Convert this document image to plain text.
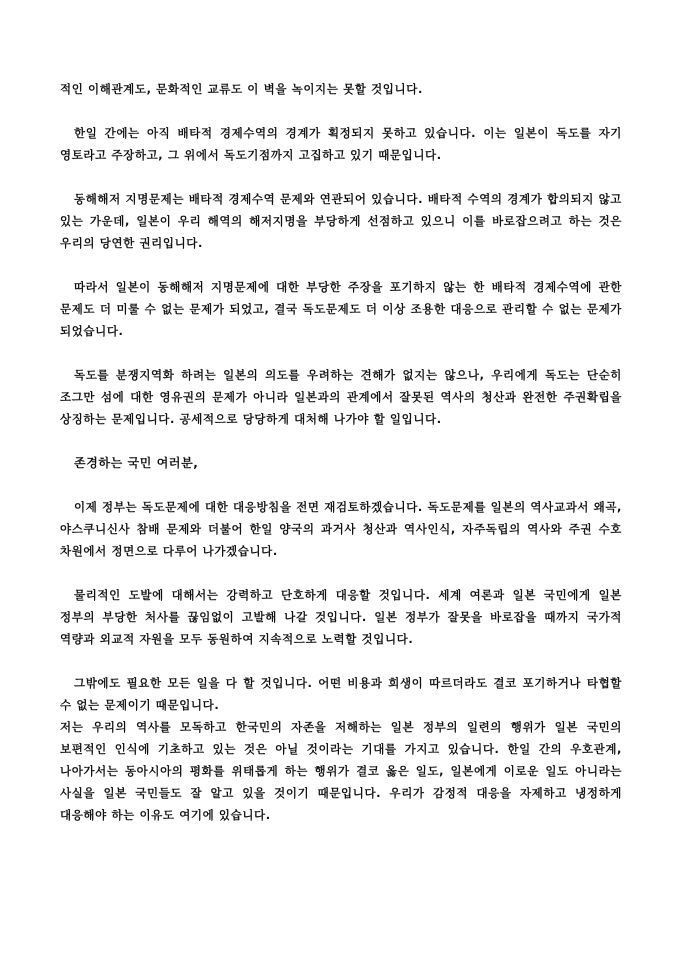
적인 이해관계도, 문화적인 교류도 이 벽을 녹이지는 못할 것입니다.

한일 간에는 아직 배타적 경제수역의 경계가 획정되지 못하고 있습니다. 이는 일본이 독도를 자기 영토라고 주장하고, 그 위에서 독도기점까지 고집하고 있기 때문입니다.

동해해저 지명문제는 배타적 경제수역 문제와 연관되어 있습니다. 배타적 수역의 경계가 합의되지 않고 있는 가운데, 일본이 우리 해역의 해저지명을 부당하게 선점하고 있으니 이를 바로잡으려고 하는 것은 우리의 당연한 권리입니다.

따라서 일본이 동해해저 지명문제에 대한 부당한 주장을 포기하지 않는 한 배타적 경제수역에 관한 문제도 더 미룰 수 없는 문제가 되었고, 결국 독도문제도 더 이상 조용한 대응으로 관리할 수 없는 문제가 되었습니다.

독도를 분쟁지역화 하려는 일본의 의도를 우려하는 견해가 없지는 않으나, 우리에게 독도는 단순히 조그만 섬에 대한 영유권의 문제가 아니라 일본과의 관계에서 잘못된 역사의 청산과 완전한 주권확립을 상징하는 문제입니다. 공세적으로 당당하게 대처해 나가야 할 일입니다.

존경하는 국민 여러분,

이제 정부는 독도문제에 대한 대응방침을 전면 재검토하겠습니다. 독도문제를 일본의 역사교과서 왜곡, 야스쿠니신사 참배 문제와 더불어 한일 양국의 과거사 청산과 역사인식, 자주독립의 역사와 주권 수호 차원에서 정면으로 다루어 나가겠습니다.

물리적인 도발에 대해서는 강력하고 단호하게 대응할 것입니다. 세계 여론과 일본 국민에게 일본 정부의 부당한 처사를 끊임없이 고발해 나갈 것입니다. 일본 정부가 잘못을 바로잡을 때까지 국가적 역량과 외교적 자원을 모두 동원하여 지속적으로 노력할 것입니다.

그밖에도 필요한 모든 일을 다 할 것입니다. 어떤 비용과 희생이 따르더라도 결코 포기하거나 타협할 수 없는 문제이기 때문입니다.

저는 우리의 역사를 모독하고 한국민의 자존을 저해하는 일본 정부의 일련의 행위가 일본 국민의 보편적인 인식에 기초하고 있는 것은 아닐 것이라는 기대를 가지고 있습니다. 한일 간의 우호관계, 나아가서는 동아시아의 평화를 위태롭게 하는 행위가 결코 옳은 일도, 일본에게 이로운 일도 아니라는 사실을 일본 국민들도 잘 알고 있을 것이기 때문입니다. 우리가 감정적 대응을 자제하고 냉정하게 대응해야 하는 이유도 여기에 있습니다.
